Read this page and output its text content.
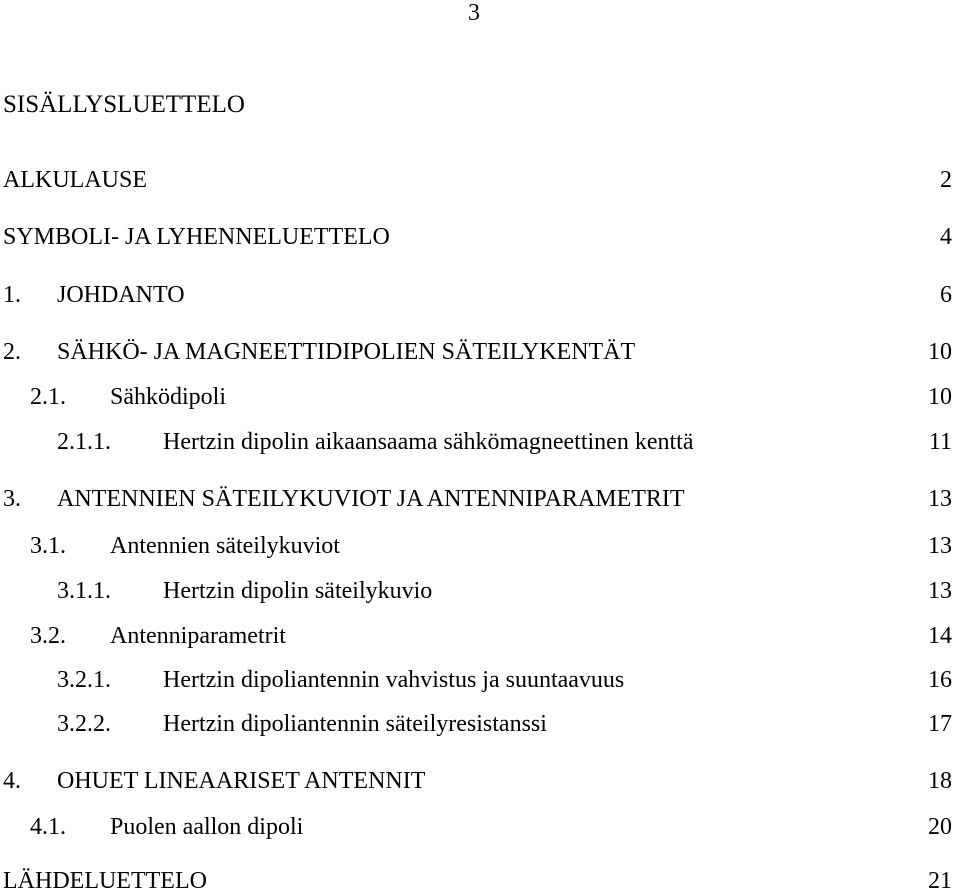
3
SISÄLLYSLUETTELO
ALKULAUSE	2
SYMBOLI- JA LYHENNELUETTELO	4
1. JOHDANTO	6
2. SÄHKÖ- JA MAGNEETTIDIPOLIEN SÄTEILYKENTÄT	10
2.1. Sähködipoli	10
2.1.1. Hertzin dipolin aikaansaama sähkömagneettinen kenttä	11
3. ANTENNIEN SÄTEILYKUVIOT JA ANTENNIPARAMETRIT	13
3.1. Antennien säteilykuviot	13
3.1.1. Hertzin dipolin säteilykuvio	13
3.2. Antenniparametrit	14
3.2.1. Hertzin dipoliantennin vahvistus ja suuntaavuus	16
3.2.2. Hertzin dipoliantennin säteilyresistanssi	17
4. OHUET LINEAARISET ANTENNIT	18
4.1. Puolen aallon dipoli	20
LÄHDELUETTELO	21
